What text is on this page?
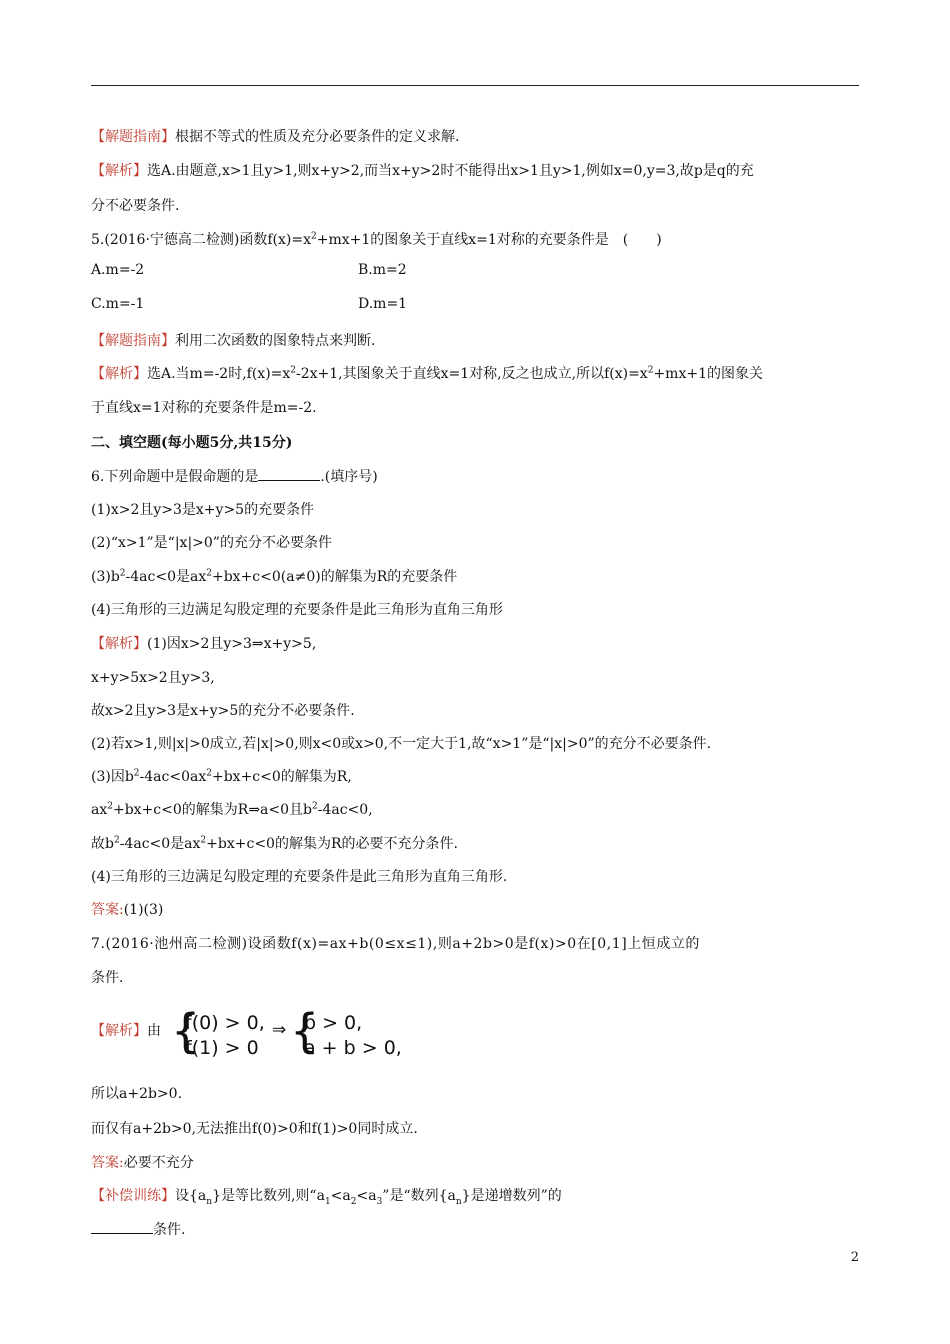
【解题指南】根据不等式的性质及充分必要条件的定义求解.
【解析】选A.由题意,x>1且y>1,则x+y>2,而当x+y>2时不能得出x>1且y>1,例如x=0,y=3,故p是q的充
分不必要条件.
5.(2016·宁德高二检测)函数$f(x)=x^2+mx+1$的图象关于直线x=1对称的充要条件是　(　　)
A.m=-2	B.m=2
C.m=-1	D.m=1
【解题指南】利用二次函数的图象特点来判断.
【解析】选A.当m=-2时$,f(x)=x^2-2x+1$,其图象关于直线x=1对称,反之也成立,所以$f(x)=x^2+mx+1$的图象关
于直线x=1对称的充要条件是m=-2.
二、填空题(每小题5分,共15分)
6.下列命题中是假命题的是	.(填序号)
(1)x>2且y>3是x+y>5的充要条件
(2)“x>1”是“|x|>0”的充分不必要条件
$(3)b^2-4ac<0$是$ax^2+bx+c<0(a\ne 0)$的解集为R的充要条件
(4)三角形的三边满足勾股定理的充要条件是此三角形为直角三角形
【解析】(1)因x>2且y>3⇒x+y>5,
x+y>5x>2且y>3,
故x>2且y>3是x+y>5的充分不必要条件.
(2)若x>1,则|x|>0成立,若|x|>0,则x<0或x>0,不一定大于1,故“x>1”是“|x|>0”的充分不必要条件.
(3)因$b^2-4ac<0ax^2+bx+c<0$的解集为R,
$ax^2+bx+c<0$的解集为R⇒a<0且$b^2-4ac<0$,
故$b^2-4ac<0$是$ax^2+bx+c<0$的解集为R的必要不充分条件.
(4)三角形的三边满足勾股定理的充要条件是此三角形为直角三角形.
答案:(1)(3)
7.(2016·池州高二检测)设函数f(x)=ax+b(0≤x≤1),则a+2b>0是f(x)>0在[0,1]上恒成立的
条件.
【解析】由 {
f(0) > 0,
f(1) > 0
⇒ {
b > 0,
a + b > 0,
所以a+2b>0.
而仅有a+2b>0,无法推出f(0)>0和f(1)>0同时成立.
答案:必要不充分
【补偿训练】设$\{a_n\}$是等比数列,则“$a_1<a_2<a_3$”是“数列$\{a_n\}$是递增数列”的
条件.
2
